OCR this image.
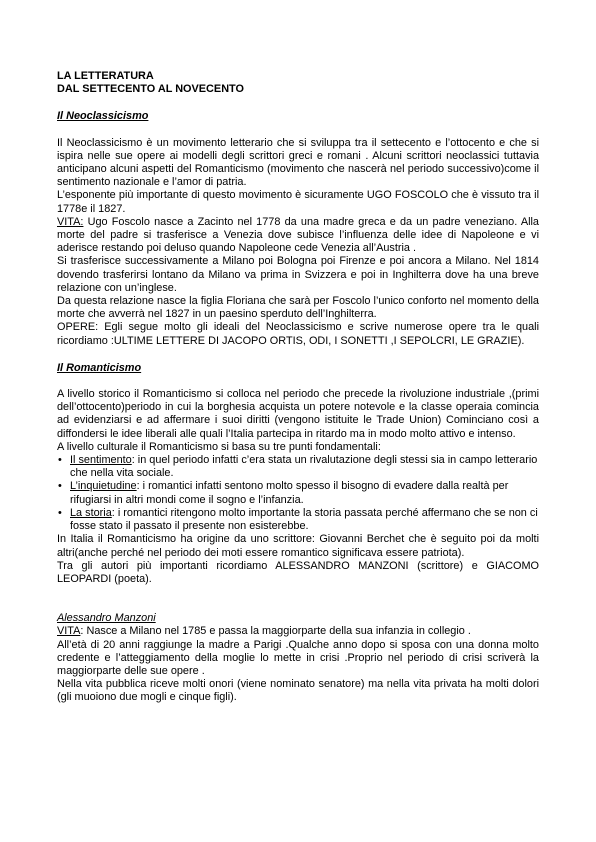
LA LETTERATURA

DAL SETTECENTO AL NOVECENTO

Il Neoclassicismo

Il Neoclassicismo è un movimento letterario che si sviluppa tra il settecento e l’ottocento e che si ispira nelle sue opere ai modelli degli scrittori greci e romani . Alcuni scrittori neoclassici tuttavia anticipano alcuni aspetti del Romanticismo (movimento che nascerà nel periodo successivo)come il sentimento nazionale e l’amor di patria.

L’esponente più importante di questo movimento è sicuramente UGO FOSCOLO che è vissuto tra il 1778e il 1827.

VITA: Ugo Foscolo nasce a Zacinto nel 1778 da una madre greca e da un padre veneziano. Alla morte del padre si trasferisce a Venezia dove subisce l’influenza delle idee di Napoleone e vi aderisce restando poi deluso quando Napoleone cede Venezia all’Austria .

Si trasferisce successivamente a Milano poi Bologna poi Firenze e poi ancora a Milano. Nel 1814 dovendo trasferirsi lontano da Milano va prima in Svizzera e poi in Inghilterra dove ha una breve relazione con un’inglese.

Da questa relazione nasce la figlia Floriana che sarà per Foscolo l’unico conforto nel momento della morte che avverrà nel 1827 in un paesino sperduto dell’Inghilterra.

OPERE: Egli segue molto gli ideali del Neoclassicismo e scrive numerose opere tra le quali ricordiamo :ULTIME LETTERE DI JACOPO ORTIS, ODI, I SONETTI ,I SEPOLCRI, LE GRAZIE).

Il Romanticismo

A livello storico il Romanticismo si colloca nel periodo che precede la rivoluzione industriale ,(primi dell’ottocento)periodo in cui la borghesia acquista un potere notevole e la classe operaia comincia ad evidenziarsi e ad affermare i suoi diritti (vengono istituite le Trade Union) Cominciano così a diffondersi le idee liberali alle quali l’Italia partecipa in ritardo ma in modo molto attivo e intenso.

A livello culturale il Romanticismo si basa su tre punti fondamentali:

• Il sentimento: in quel periodo infatti c’era stata un rivalutazione degli stessi sia in campo letterario che nella vita sociale.
• L’inquietudine: i romantici infatti sentono molto spesso il bisogno di evadere dalla realtà per rifugiarsi in altri mondi come il sogno e l’infanzia.
• La storia: i romantici ritengono molto importante la storia passata perché affermano che se non ci fosse stato il passato il presente non esisterebbe.

In Italia il Romanticismo ha origine da uno scrittore: Giovanni Berchet che è seguito poi da molti altri(anche perché nel periodo dei moti essere romantico significava essere patriota).

Tra gli autori più importanti ricordiamo ALESSANDRO MANZONI (scrittore) e GIACOMO LEOPARDI (poeta).

Alessandro Manzoni

VITA: Nasce a Milano nel 1785 e passa la maggiorparte della sua infanzia in collegio .

All’età di 20 anni raggiunge la madre a Parigi .Qualche anno dopo si sposa con una donna molto credente e l’atteggiamento della moglie lo mette in crisi .Proprio nel periodo di crisi scriverà la maggiorparte delle sue opere .

Nella vita pubblica riceve molti onori (viene nominato senatore) ma nella vita privata ha molti dolori (gli muoiono due mogli e cinque figli).
